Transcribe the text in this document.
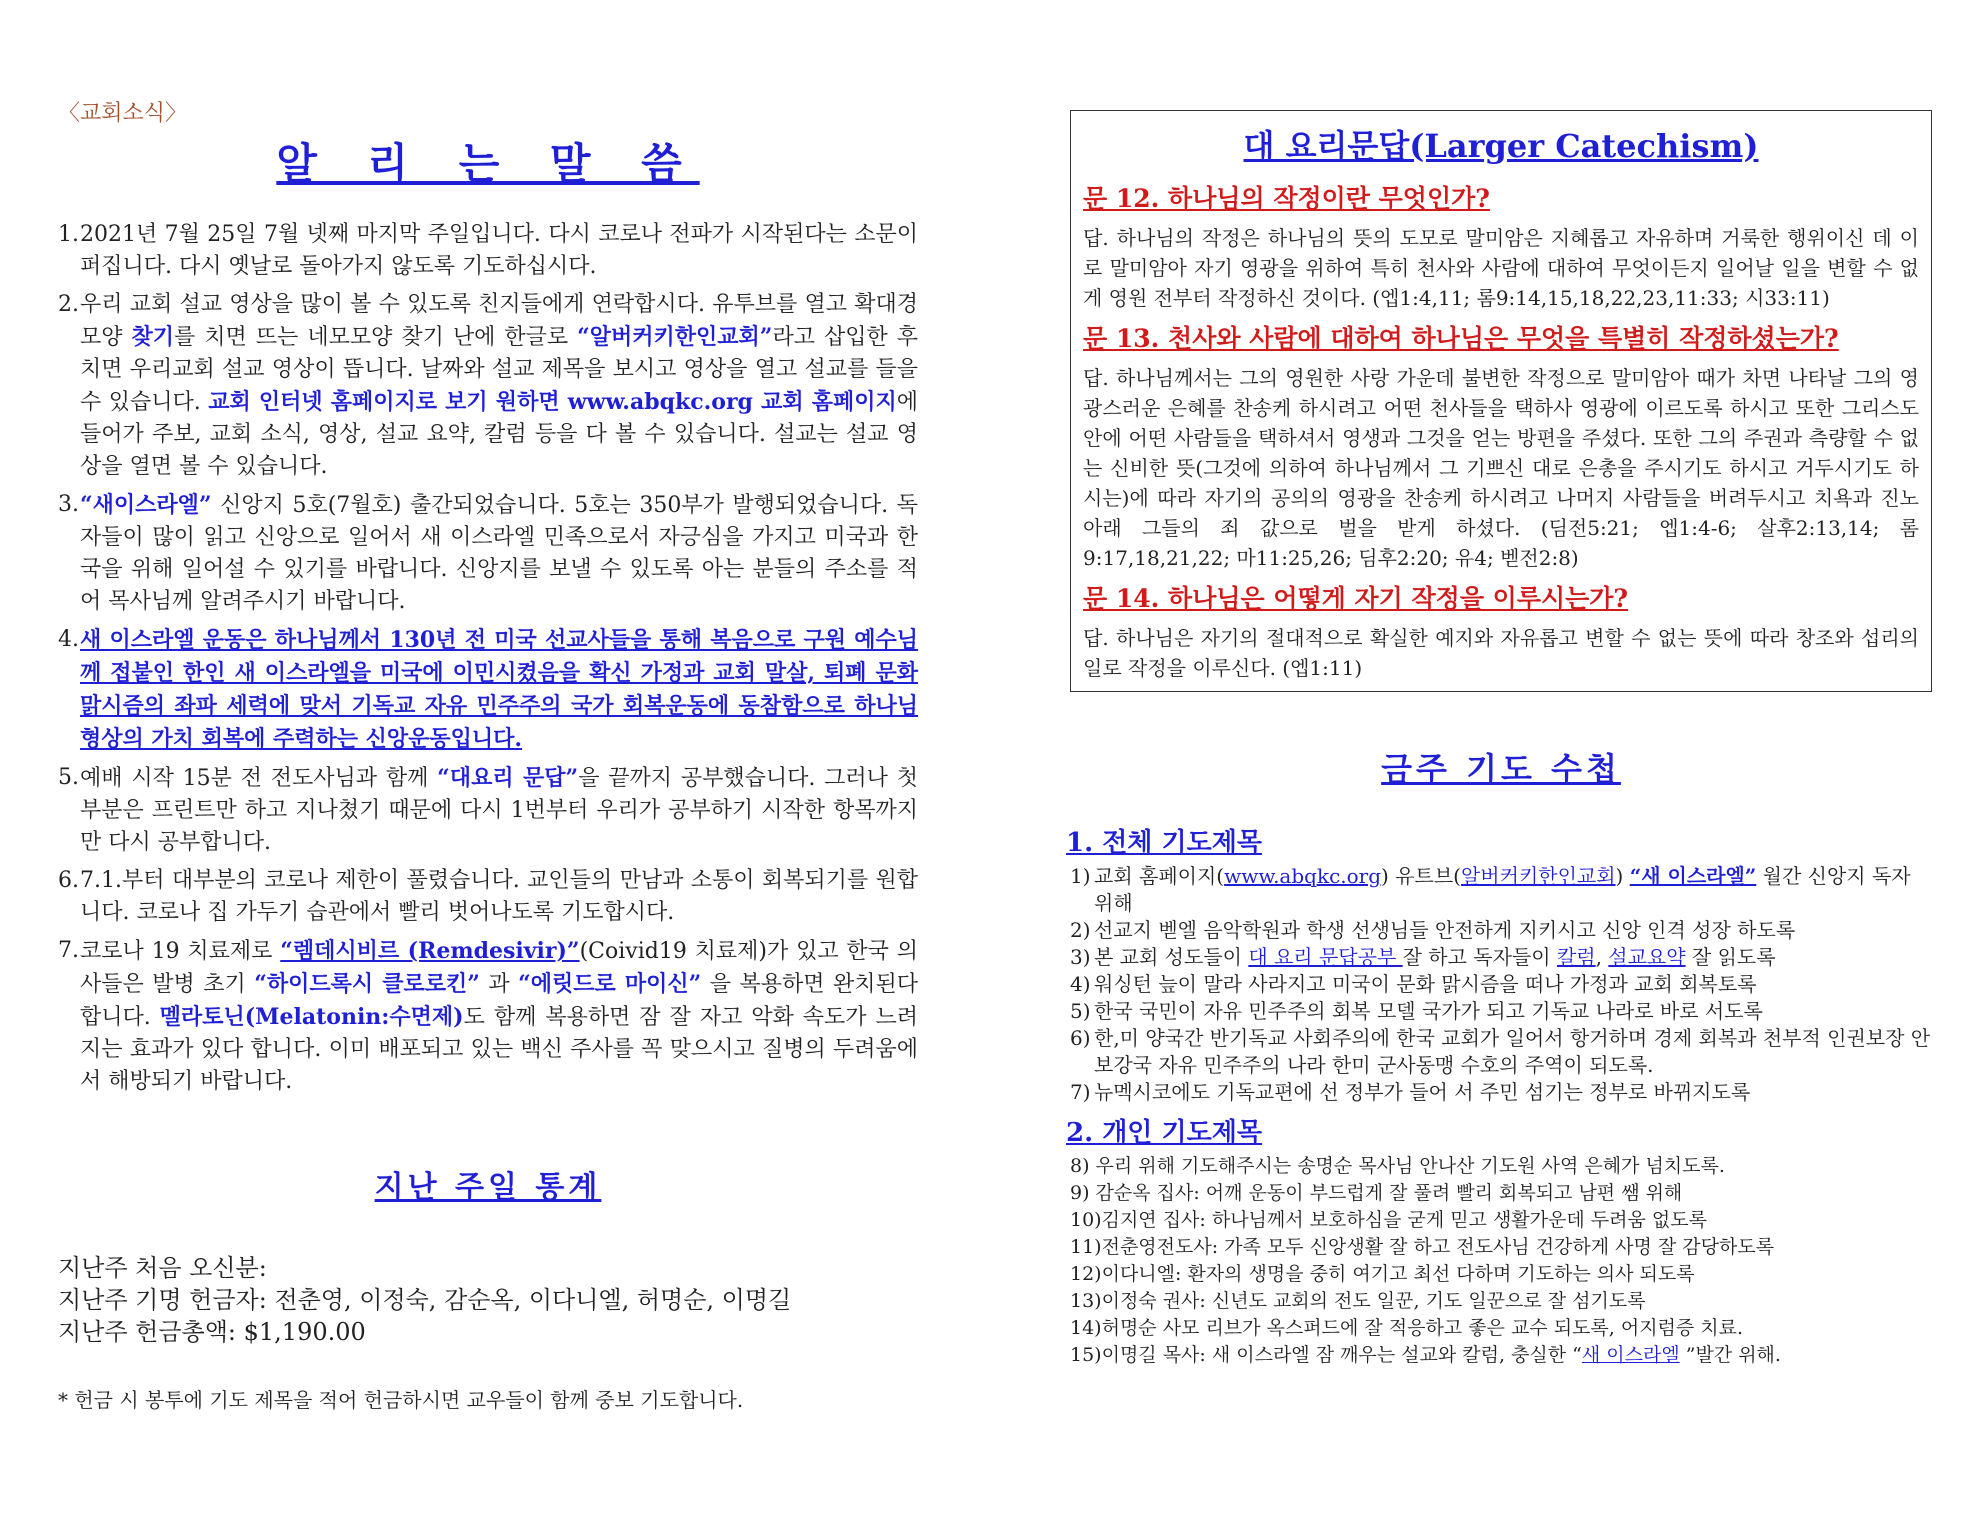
〈교회소식〉
알 리 는 말 씀
1. 2021년 7월 25일 7월 넷째 마지막 주일입니다. 다시 코로나 전파가 시작된다는 소문이 퍼집니다. 다시 옛날로 돌아가지 않도록 기도하십시다.
2. 우리 교회 설교 영상을 많이 볼 수 있도록 친지들에게 연락합시다. 유투브를 열고 확대경 모양 찾기를 치면 뜨는 네모모양 찾기 난에 한글로 “알버커키한인교회”라고 삽입한 후 치면 우리교회 설교 영상이 뜹니다. 날짜와 설교 제목을 보시고 영상을 열고 설교를 들을 수 있습니다. 교회 인터넷 홈페이지로 보기 원하면 www.abqkc.org 교회 홈페이지에 들어가 주보, 교회 소식, 영상, 설교 요약, 칼럼 등을 다 볼 수 있습니다. 설교는 설교 영상을 열면 볼 수 있습니다.
3. “새이스라엘” 신앙지 5호(7월호) 출간되었습니다. 5호는 350부가 발행되었습니다. 독자들이 많이 읽고 신앙으로 일어서 새 이스라엘 민족으로서 자긍심을 가지고 미국과 한국을 위해 일어설 수 있기를 바랍니다. 신앙지를 보낼 수 있도록 아는 분들의 주소를 적어 목사님께 알려주시기 바랍니다.
4. 새 이스라엘 운동은 하나님께서 130년 전 미국 선교사들을 통해 복음으로 구원 예수님께 접붙인 한인 새 이스라엘을 미국에 이민시켰음을 확신 가정과 교회 말살, 퇴폐 문화 맑시즘의 좌파 세력에 맞서 기독교 자유 민주주의 국가 회복운동에 동참함으로 하나님 형상의 가치 회복에 주력하는 신앙운동입니다.
5. 예배 시작 15분 전 전도사님과 함께 “대요리 문답”을 끝까지 공부했습니다. 그러나 첫 부분은 프린트만 하고 지나쳤기 때문에 다시 1번부터 우리가 공부하기 시작한 항목까지만 다시 공부합니다.
6. 7.1.부터 대부분의 코로나 제한이 풀렸습니다. 교인들의 만남과 소통이 회복되기를 원합니다. 코로나 집 가두기 습관에서 빨리 벗어나도록 기도합시다.
7. 코로나 19 치료제로 “렘데시비르 (Remdesivir)”(Coivid19 치료제)가 있고 한국 의사들은 발병 초기 “하이드록시 클로로킨” 과 “에릿드로 마이신” 을 복용하면 완치된다 합니다. 멜라토닌(Melatonin:수면제)도 함께 복용하면 잠 잘 자고 악화 속도가 느려지는 효과가 있다 합니다. 이미 배포되고 있는 백신 주사를 꼭 맞으시고 질병의 두려움에서 해방되기 바랍니다.
지난 주일 통계
지난주 처음 오신분:
지난주 기명 헌금자: 전춘영, 이정숙, 감순옥, 이다니엘, 허명순, 이명길
지난주 헌금총액: $1,190.00
* 헌금 시 봉투에 기도 제목을 적어 헌금하시면 교우들이 함께 중보 기도합니다.
대 요리문답(Larger Catechism)
문 12. 하나님의 작정이란 무엇인가?
답. 하나님의 작정은 하나님의 뜻의 도모로 말미암은 지혜롭고 자유하며 거룩한 행위이신 데 이로 말미암아 자기 영광을 위하여 특히 천사와 사람에 대하여 무엇이든지 일어날 일을 변할 수 없게 영원 전부터 작정하신 것이다. (엡1:4,11; 롬9:14,15,18,22,23,11:33; 시33:11)
문 13. 천사와 사람에 대하여 하나님은 무엇을 특별히 작정하셨는가?
답. 하나님께서는 그의 영원한 사랑 가운데 불변한 작정으로 말미암아 때가 차면 나타날 그의 영광스러운 은혜를 찬송케 하시려고 어떤 천사들을 택하사 영광에 이르도록 하시고 또한 그리스도 안에 어떤 사람들을 택하셔서 영생과 그것을 얻는 방편을 주셨다. 또한 그의 주권과 측량할 수 없는 신비한 뜻(그것에 의하여 하나님께서 그 기쁘신 대로 은총을 주시기도 하시고 거두시기도 하시는)에 따라 자기의 공의의 영광을 찬송케 하시려고 나머지 사람들을 버려두시고 치욕과 진노 아래 그들의 죄 값으로 벌을 받게 하셨다. (딤전5:21; 엡1:4-6; 살후2:13,14; 롬9:17,18,21,22; 마11:25,26; 딤후2:20; 유4; 벧전2:8)
문 14. 하나님은 어떻게 자기 작정을 이루시는가?
답. 하나님은 자기의 절대적으로 확실한 예지와 자유롭고 변할 수 없는 뜻에 따라 창조와 섭리의 일로 작정을 이루신다. (엡1:11)
금주 기도 수첩
1. 전체 기도제목
1) 교회 홈페이지(www.abqkc.org) 유트브(알버커키한인교회) “새 이스라엘” 월간 신앙지 독자 위해
2) 선교지 벧엘 음악학원과 학생 선생님들 안전하게 지키시고 신앙 인격 성장 하도록
3) 본 교회 성도들이 대 요리 문답공부 잘 하고 독자들이 칼럼, 설교요약 잘 읽도록
4) 워싱턴 늪이 말라 사라지고 미국이 문화 맑시즘을 떠나 가정과 교회 회복토록
5) 한국 국민이 자유 민주주의 회복 모델 국가가 되고 기독교 나라로 바로 서도록
6) 한,미 양국간 반기독교 사회주의에 한국 교회가 일어서 항거하며 경제 회복과 천부적 인권보장 안보강국 자유 민주주의 나라 한미 군사동맹 수호의 주역이 되도록.
7) 뉴멕시코에도 기독교편에 선 정부가 들어 서 주민 섬기는 정부로 바뀌지도록
2. 개인 기도제목
8) 우리 위해 기도해주시는 송명순 목사님 안나산 기도원 사역 은혜가 넘치도록.
9) 감순옥 집사: 어깨 운동이 부드럽게 잘 풀려 빨리 회복되고 남편 쌤 위해
10)김지연 집사: 하나님께서 보호하심을 굳게 믿고 생활가운데 두려움 없도록
11)전춘영전도사: 가족 모두 신앙생활 잘 하고 전도사님 건강하게 사명 잘 감당하도록
12)이다니엘: 환자의 생명을 중히 여기고 최선 다하며 기도하는 의사 되도록
13)이정숙 권사: 신년도 교회의 전도 일꾼, 기도 일꾼으로 잘 섬기도록
14)허명순 사모 리브가 옥스퍼드에 잘 적응하고 좋은 교수 되도록, 어지럼증 치료.
15)이명길 목사: 새 이스라엘 잠 깨우는 설교와 칼럼, 충실한 “새 이스라엘 ”발간 위해.
